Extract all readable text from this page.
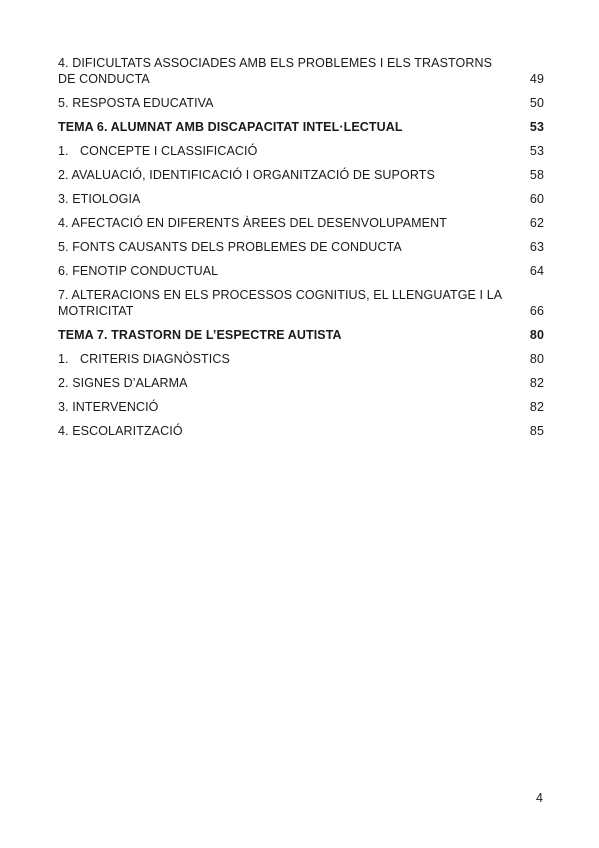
4. DIFICULTATS ASSOCIADES AMB ELS PROBLEMES I ELS TRASTORNS
DE CONDUCTA	49
5. RESPOSTA EDUCATIVA	50
TEMA 6. ALUMNAT AMB DISCAPACITAT INTEL·LECTUAL	53
1. CONCEPTE I CLASSIFICACIÓ	53
2. AVALUACIÓ, IDENTIFICACIÓ I ORGANITZACIÓ DE SUPORTS	58
3. ETIOLOGIA	60
4. AFECTACIÓ EN DIFERENTS ÀREES DEL DESENVOLUPAMENT	62
5. FONTS CAUSANTS DELS PROBLEMES DE CONDUCTA	63
6. FENOTIP CONDUCTUAL	64
7. ALTERACIONS EN ELS PROCESSOS COGNITIUS, EL LLENGUATGE I LA
MOTRICITAT	66
TEMA 7. TRASTORN DE L’ESPECTRE AUTISTA	80
1. CRITERIS DIAGNÒSTICS	80
2. SIGNES D’ALARMA	82
3. INTERVENCIÓ	82
4. ESCOLARITZACIÓ	85
4
